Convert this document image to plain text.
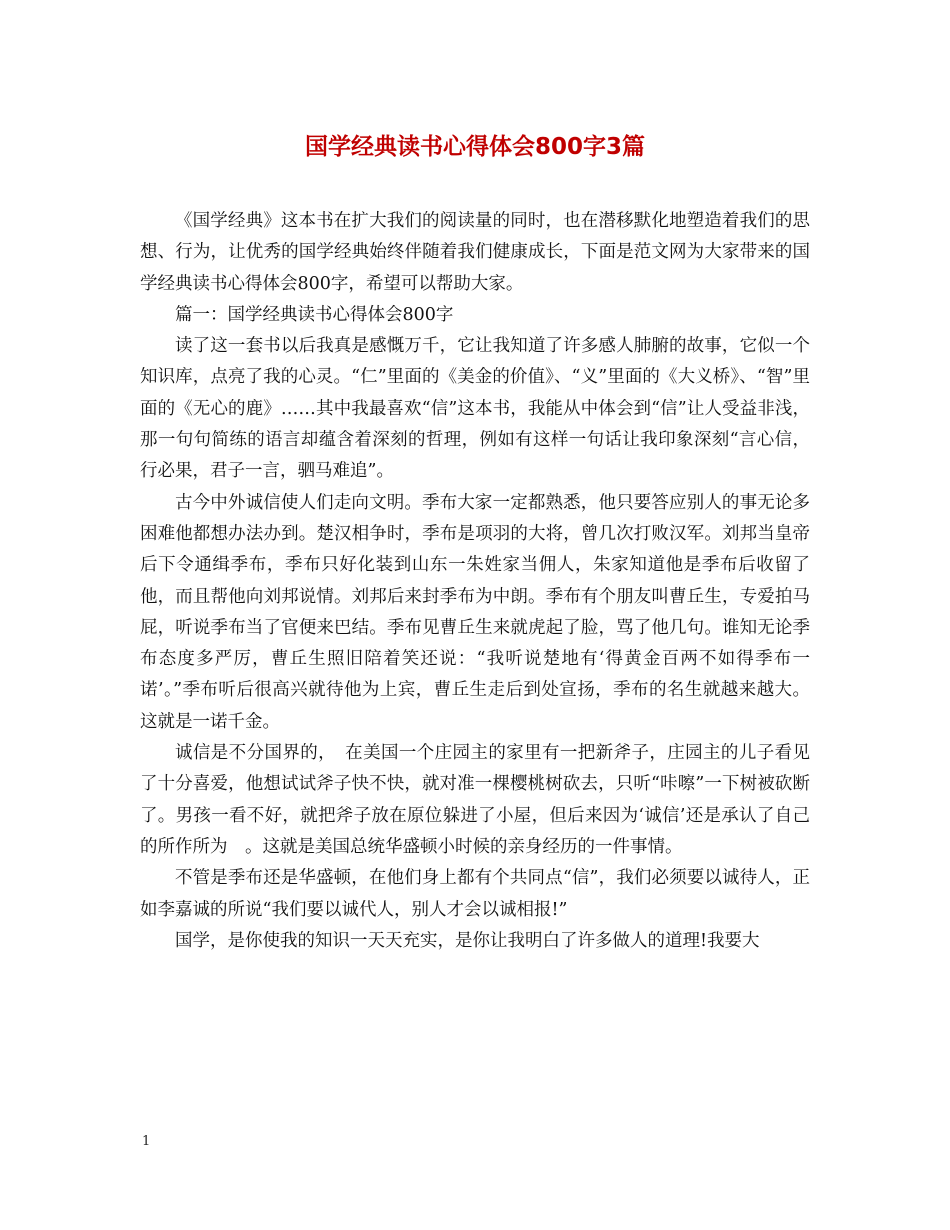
国学经典读书心得体会800字3篇

《国学经典》这本书在扩大我们的阅读量的同时，也在潜移默化地塑造着我们的思想、行为，让优秀的国学经典始终伴随着我们健康成长，下面是范文网为大家带来的国学经典读书心得体会800字，希望可以帮助大家。

篇一：国学经典读书心得体会800字

读了这一套书以后我真是感慨万千，它让我知道了许多感人肺腑的故事，它似一个知识库，点亮了我的心灵。“仁”里面的《美金的价值》、“义”里面的《大义桥》、“智”里面的《无心的鹿》……其中我最喜欢“信”这本书，我能从中体会到“信”让人受益非浅，那一句句简练的语言却蕴含着深刻的哲理，例如有这样一句话让我印象深刻“言心信，行必果，君子一言，驷马难追”。

古今中外诚信使人们走向文明。季布大家一定都熟悉，他只要答应别人的事无论多困难他都想办法办到。楚汉相争时，季布是项羽的大将，曾几次打败汉军。刘邦当皇帝后下令通缉季布，季布只好化装到山东一朱姓家当佣人，朱家知道他是季布后收留了他，而且帮他向刘邦说情。刘邦后来封季布为中朗。季布有个朋友叫曹丘生，专爱拍马屁，听说季布当了官便来巴结。季布见曹丘生来就虎起了脸，骂了他几句。谁知无论季布态度多严厉，曹丘生照旧陪着笑还说：“我听说楚地有‘得黄金百两不如得季布一诺’。”季布听后很高兴就待他为上宾，曹丘生走后到处宣扬，季布的名生就越来越大。这就是一诺千金。

诚信是不分国界的，　在美国一个庄园主的家里有一把新斧子，庄园主的儿子看见了十分喜爱，他想试试斧子快不快，就对准一棵樱桃树砍去，只听“咔嚓”一下树被砍断了。男孩一看不好，就把斧子放在原位躲进了小屋，但后来因为‘诚信’还是承认了自己的所作所为　。这就是美国总统华盛顿小时候的亲身经历的一件事情。

不管是季布还是华盛顿，在他们身上都有个共同点“信”，我们必须要以诚待人，正如李嘉诚的所说“我们要以诚代人，别人才会以诚相报!”

国学，是你使我的知识一天天充实，是你让我明白了许多做人的道理!我要大

1
